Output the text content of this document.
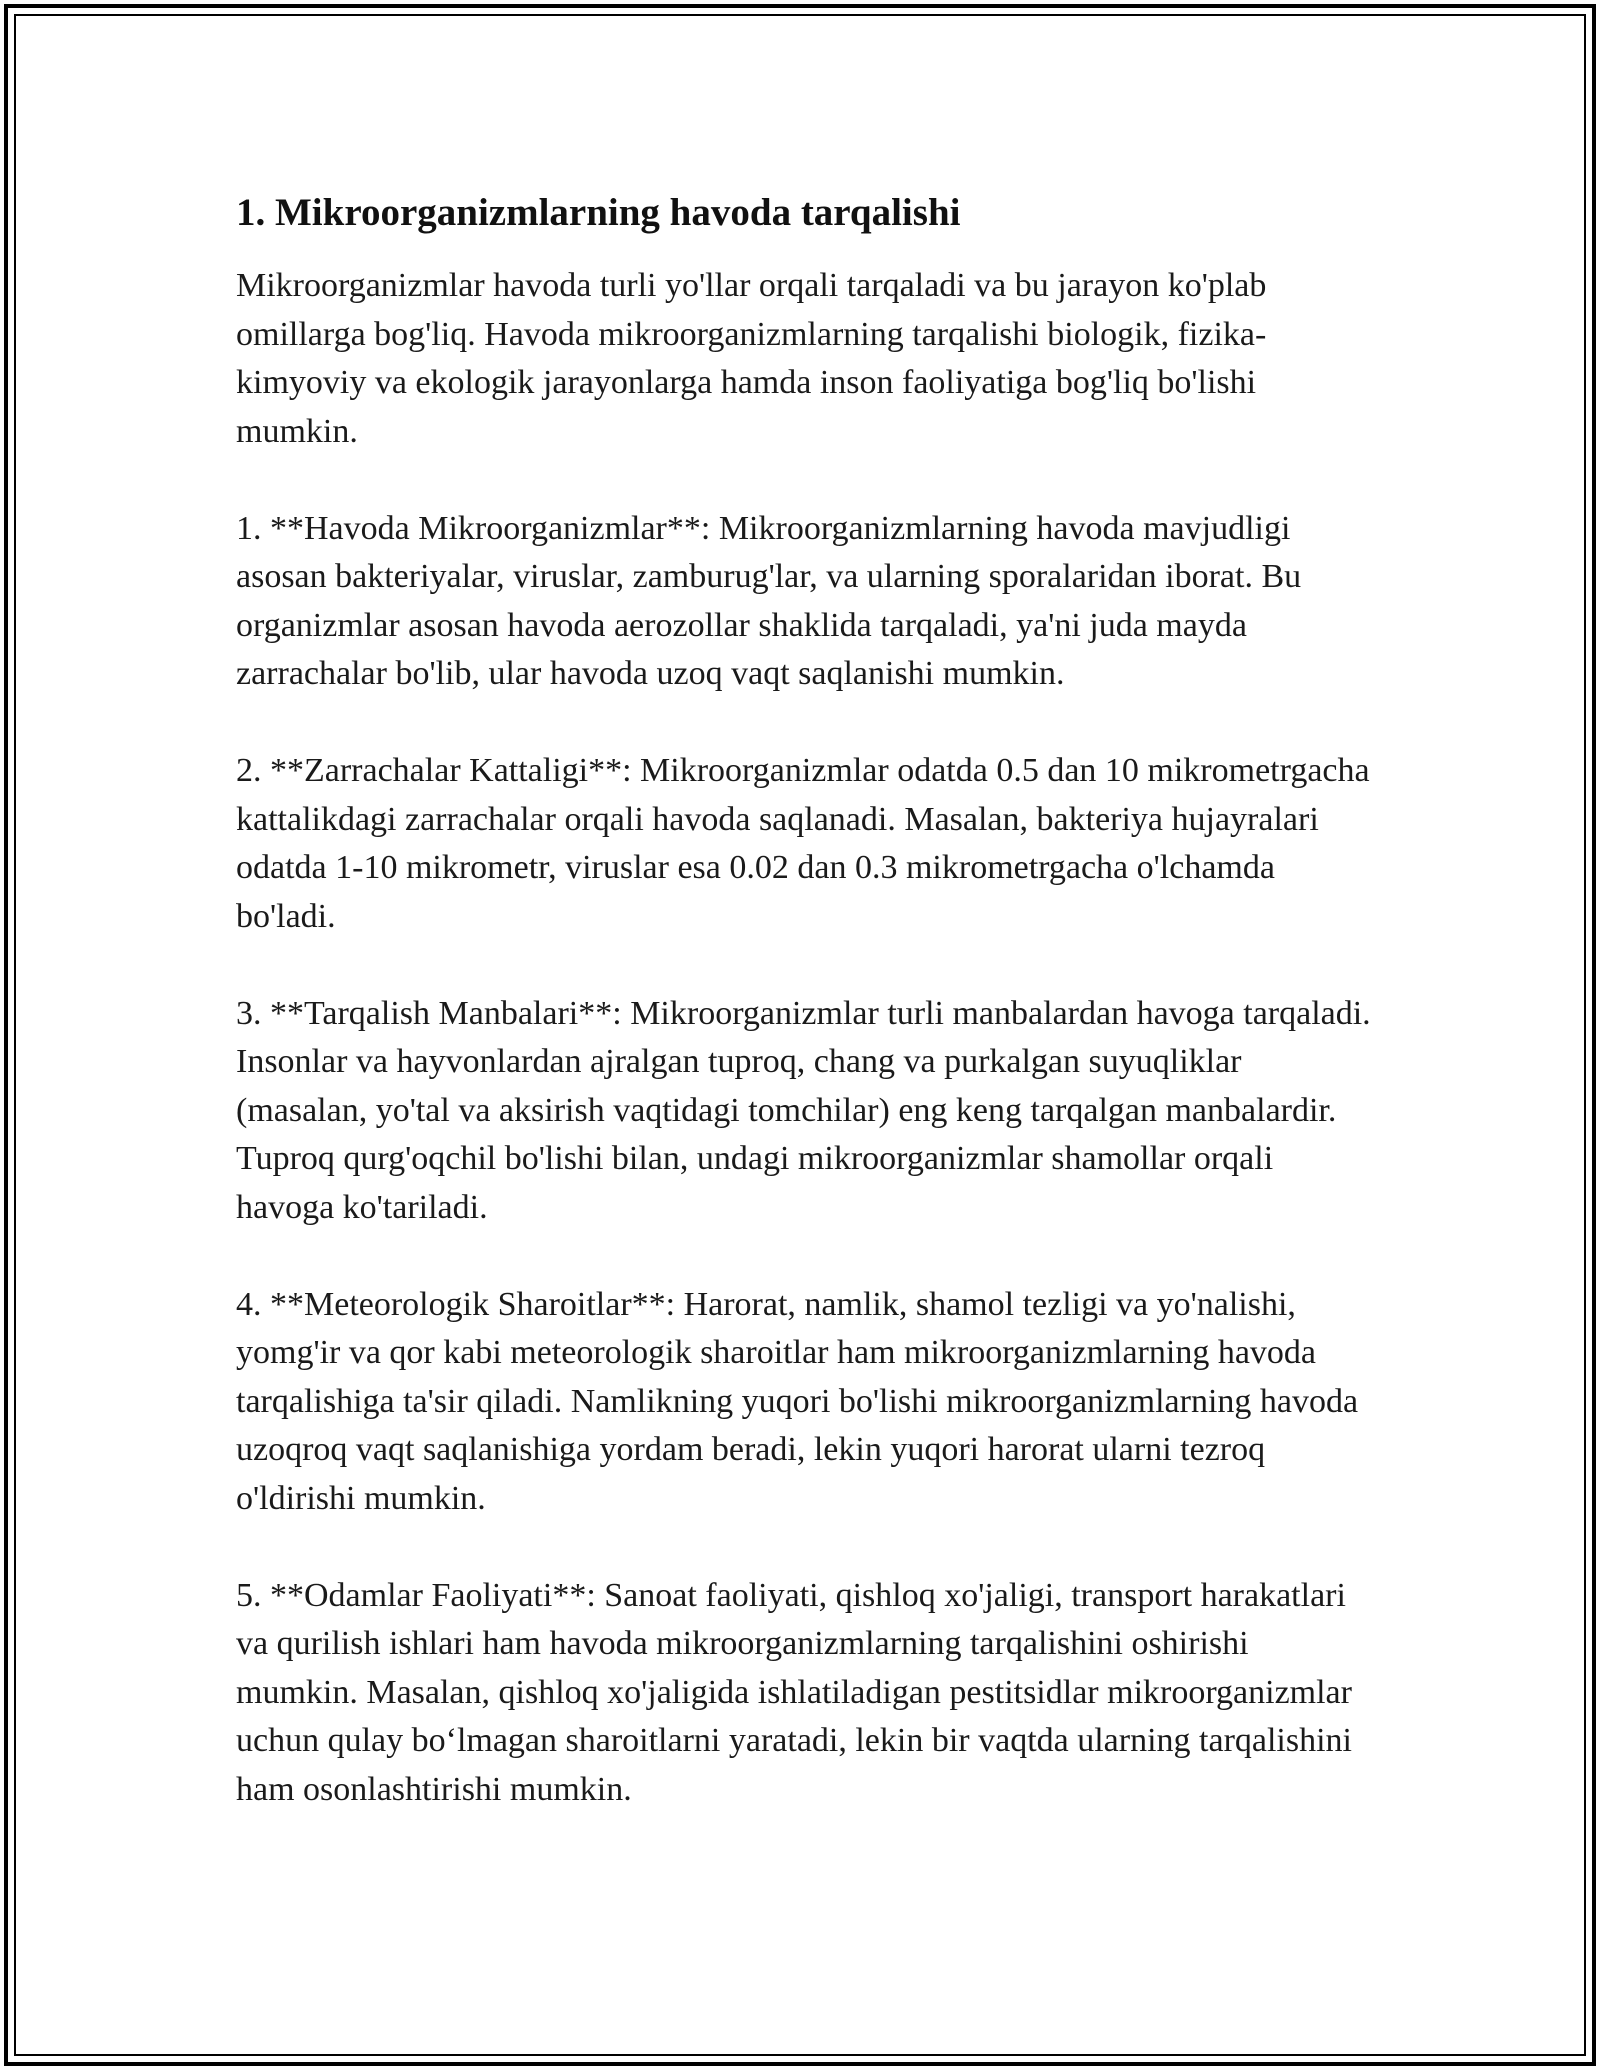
1. Mikroorganizmlarning havoda tarqalishi

Mikroorganizmlar havoda turli yo'llar orqali tarqaladi va bu jarayon ko'plab omillarga bog'liq. Havoda mikroorganizmlarning tarqalishi biologik, fizika-kimyoviy va ekologik jarayonlarga hamda inson faoliyatiga bog'liq bo'lishi mumkin.

1. **Havoda Mikroorganizmlar**: Mikroorganizmlarning havoda mavjudligi asosan bakteriyalar, viruslar, zamburug'lar, va ularning sporalaridan iborat. Bu organizmlar asosan havoda aerozollar shaklida tarqaladi, ya'ni juda mayda zarrachalar bo'lib, ular havoda uzoq vaqt saqlanishi mumkin.

2. **Zarrachalar Kattaligi**: Mikroorganizmlar odatda 0.5 dan 10 mikrometrgacha kattalikdagi zarrachalar orqali havoda saqlanadi. Masalan, bakteriya hujayralari odatda 1-10 mikrometr, viruslar esa 0.02 dan 0.3 mikrometrgacha o'lchamda bo'ladi.

3. **Tarqalish Manbalari**: Mikroorganizmlar turli manbalardan havoga tarqaladi. Insonlar va hayvonlardan ajralgan tuproq, chang va purkalgan suyuqliklar (masalan, yo'tal va aksirish vaqtidagi tomchilar) eng keng tarqalgan manbalardir. Tuproq qurg'oqchil bo'lishi bilan, undagi mikroorganizmlar shamollar orqali havoga ko'tariladi.

4. **Meteorologik Sharoitlar**: Harorat, namlik, shamol tezligi va yo'nalishi, yomg'ir va qor kabi meteorologik sharoitlar ham mikroorganizmlarning havoda tarqalishiga ta'sir qiladi. Namlikning yuqori bo'lishi mikroorganizmlarning havoda uzoqroq vaqt saqlanishiga yordam beradi, lekin yuqori harorat ularni tezroq o'ldirishi mumkin.

5. **Odamlar Faoliyati**: Sanoat faoliyati, qishloq xo'jaligi, transport harakatlari va qurilish ishlari ham havoda mikroorganizmlarning tarqalishini oshirishi mumkin. Masalan, qishloq xo'jaligida ishlatiladigan pestitsidlar mikroorganizmlar uchun qulay bo‘lmagan sharoitlarni yaratadi, lekin bir vaqtda ularning tarqalishini ham osonlashtirishi mumkin.
